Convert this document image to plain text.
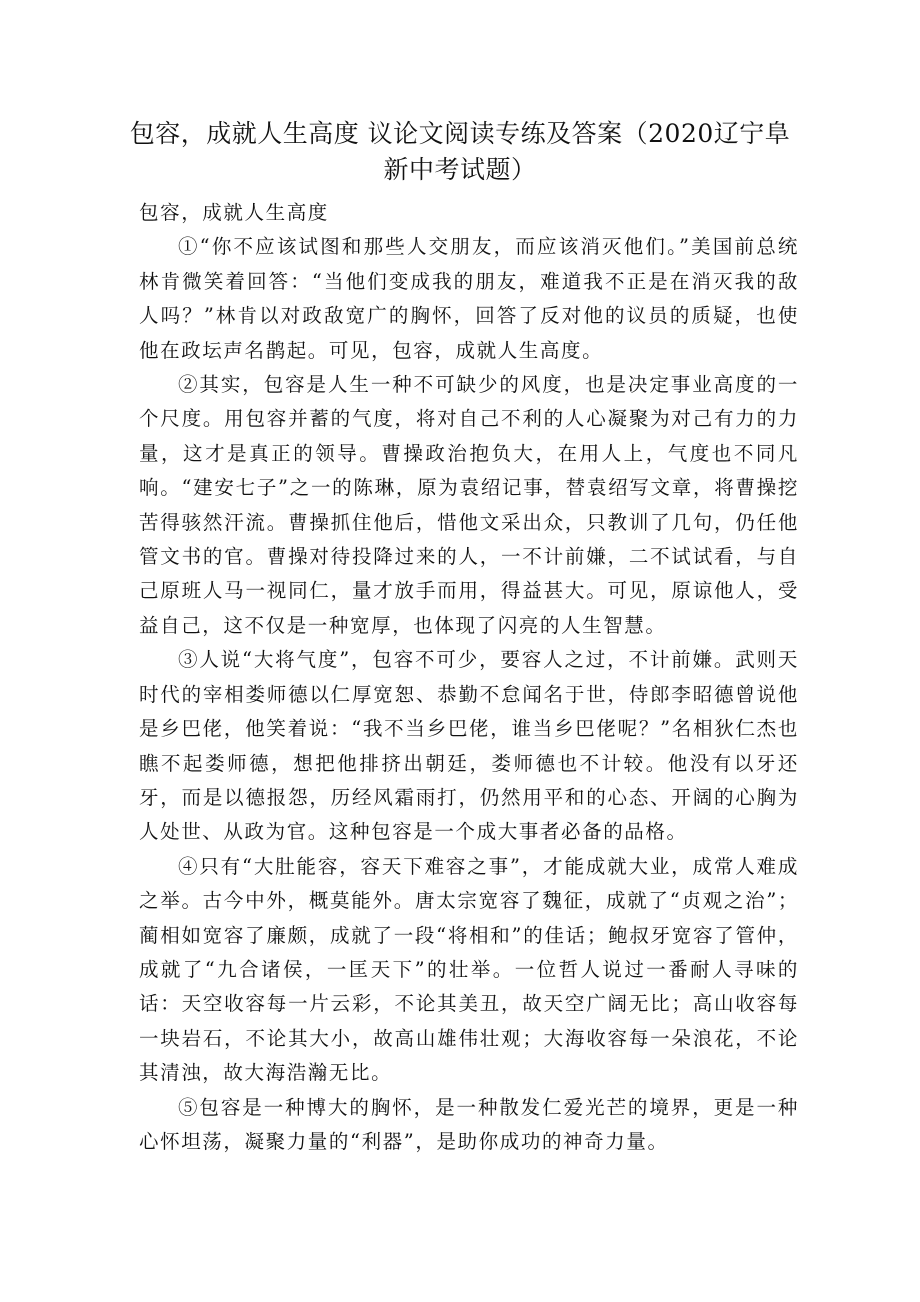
包容，成就人生高度 议论文阅读专练及答案（2020辽宁阜
新中考试题）
包容，成就人生高度

①“你不应该试图和那些人交朋友，而应该消灭他们。”美国前总统林肯微笑着回答：“当他们变成我的朋友，难道我不正是在消灭我的敌人吗？”林肯以对政敌宽广的胸怀，回答了反对他的议员的质疑，也使他在政坛声名鹊起。可见，包容，成就人生高度。

②其实，包容是人生一种不可缺少的风度，也是决定事业高度的一个尺度。用包容并蓄的气度，将对自己不利的人心凝聚为对己有力的力量，这才是真正的领导。曹操政治抱负大，在用人上，气度也不同凡响。“建安七子”之一的陈琳，原为袁绍记事，替袁绍写文章，将曹操挖苦得骇然汗流。曹操抓住他后，惜他文采出众，只教训了几句，仍任他管文书的官。曹操对待投降过来的人，一不计前嫌，二不试试看，与自己原班人马一视同仁，量才放手而用，得益甚大。可见，原谅他人，受益自己，这不仅是一种宽厚，也体现了闪亮的人生智慧。

③人说“大将气度”，包容不可少，要容人之过，不计前嫌。武则天时代的宰相娄师德以仁厚宽恕、恭勤不怠闻名于世，侍郎李昭德曾说他是乡巴佬，他笑着说：“我不当乡巴佬，谁当乡巴佬呢？”名相狄仁杰也瞧不起娄师德，想把他排挤出朝廷，娄师德也不计较。他没有以牙还牙，而是以德报怨，历经风霜雨打，仍然用平和的心态、开阔的心胸为人处世、从政为官。这种包容是一个成大事者必备的品格。

④只有“大肚能容，容天下难容之事”，才能成就大业，成常人难成之举。古今中外，概莫能外。唐太宗宽容了魏征，成就了“贞观之治”；蔺相如宽容了廉颇，成就了一段“将相和”的佳话；鲍叔牙宽容了管仲，成就了“九合诸侯，一匡天下”的壮举。一位哲人说过一番耐人寻味的话：天空收容每一片云彩，不论其美丑，故天空广阔无比；高山收容每一块岩石，不论其大小，故高山雄伟壮观；大海收容每一朵浪花，不论其清浊，故大海浩瀚无比。

⑤包容是一种博大的胸怀，是一种散发仁爱光芒的境界，更是一种心怀坦荡，凝聚力量的“利器”，是助你成功的神奇力量。
